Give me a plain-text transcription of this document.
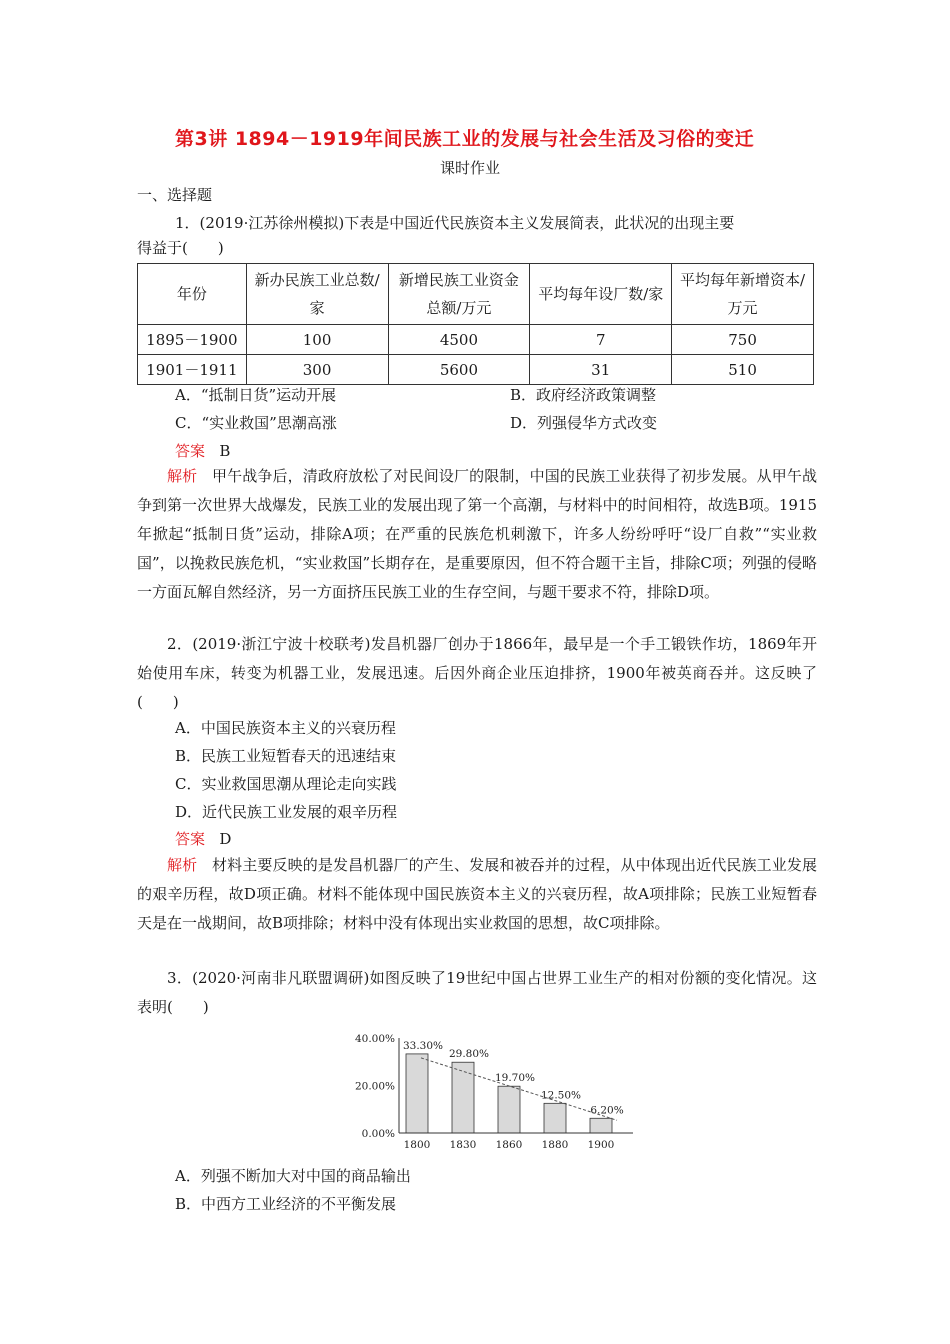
第3讲 1894－1919年间民族工业的发展与社会生活及习俗的变迁
课时作业
一、选择题
1．(2019·江苏徐州模拟)下表是中国近代民族资本主义发展简表，此状况的出现主要
得益于(　　)
年份	新办民族工业总数/家	新增民族工业资金总额/万元	平均每年设厂数/家	平均每年新增资本/万元
1895－1900	100	4500	7	750
1901－1911	300	5600	31	510
A．“抵制日货”运动开展	B．政府经济政策调整
C．“实业救国”思潮高涨	D．列强侵华方式改变
答案 B
解析 甲午战争后，清政府放松了对民间设厂的限制，中国的民族工业获得了初步发展。从甲午战争到第一次世界大战爆发，民族工业的发展出现了第一个高潮，与材料中的时间相符，故选B项。1915年掀起“抵制日货”运动，排除A项；在严重的民族危机刺激下，许多人纷纷呼吁“设厂自救”“实业救国”，以挽救民族危机，“实业救国”长期存在，是重要原因，但不符合题干主旨，排除C项；列强的侵略一方面瓦解自然经济，另一方面挤压民族工业的生存空间，与题干要求不符，排除D项。
2．(2019·浙江宁波十校联考)发昌机器厂创办于1866年，最早是一个手工锻铁作坊，1869年开始使用车床，转变为机器工业，发展迅速。后因外商企业压迫排挤，1900年被英商吞并。这反映了(　　)
A．中国民族资本主义的兴衰历程
B．民族工业短暂春天的迅速结束
C．实业救国思潮从理论走向实践
D．近代民族工业发展的艰辛历程
答案 D
解析 材料主要反映的是发昌机器厂的产生、发展和被吞并的过程，从中体现出近代民族工业发展的艰辛历程，故D项正确。材料不能体现中国民族资本主义的兴衰历程，故A项排除；民族工业短暂春天是在一战期间，故B项排除；材料中没有体现出实业救国的思想，故C项排除。
3．(2020·河南非凡联盟调研)如图反映了19世纪中国占世界工业生产的相对份额的变化情况。这表明(　　)
40.00%
20.00%
0.00%
1800 1830 1860 1880 1900
33.30%
29.80%
19.70%
12.50%
6.20%
A．列强不断加大对中国的商品输出
B．中西方工业经济的不平衡发展
